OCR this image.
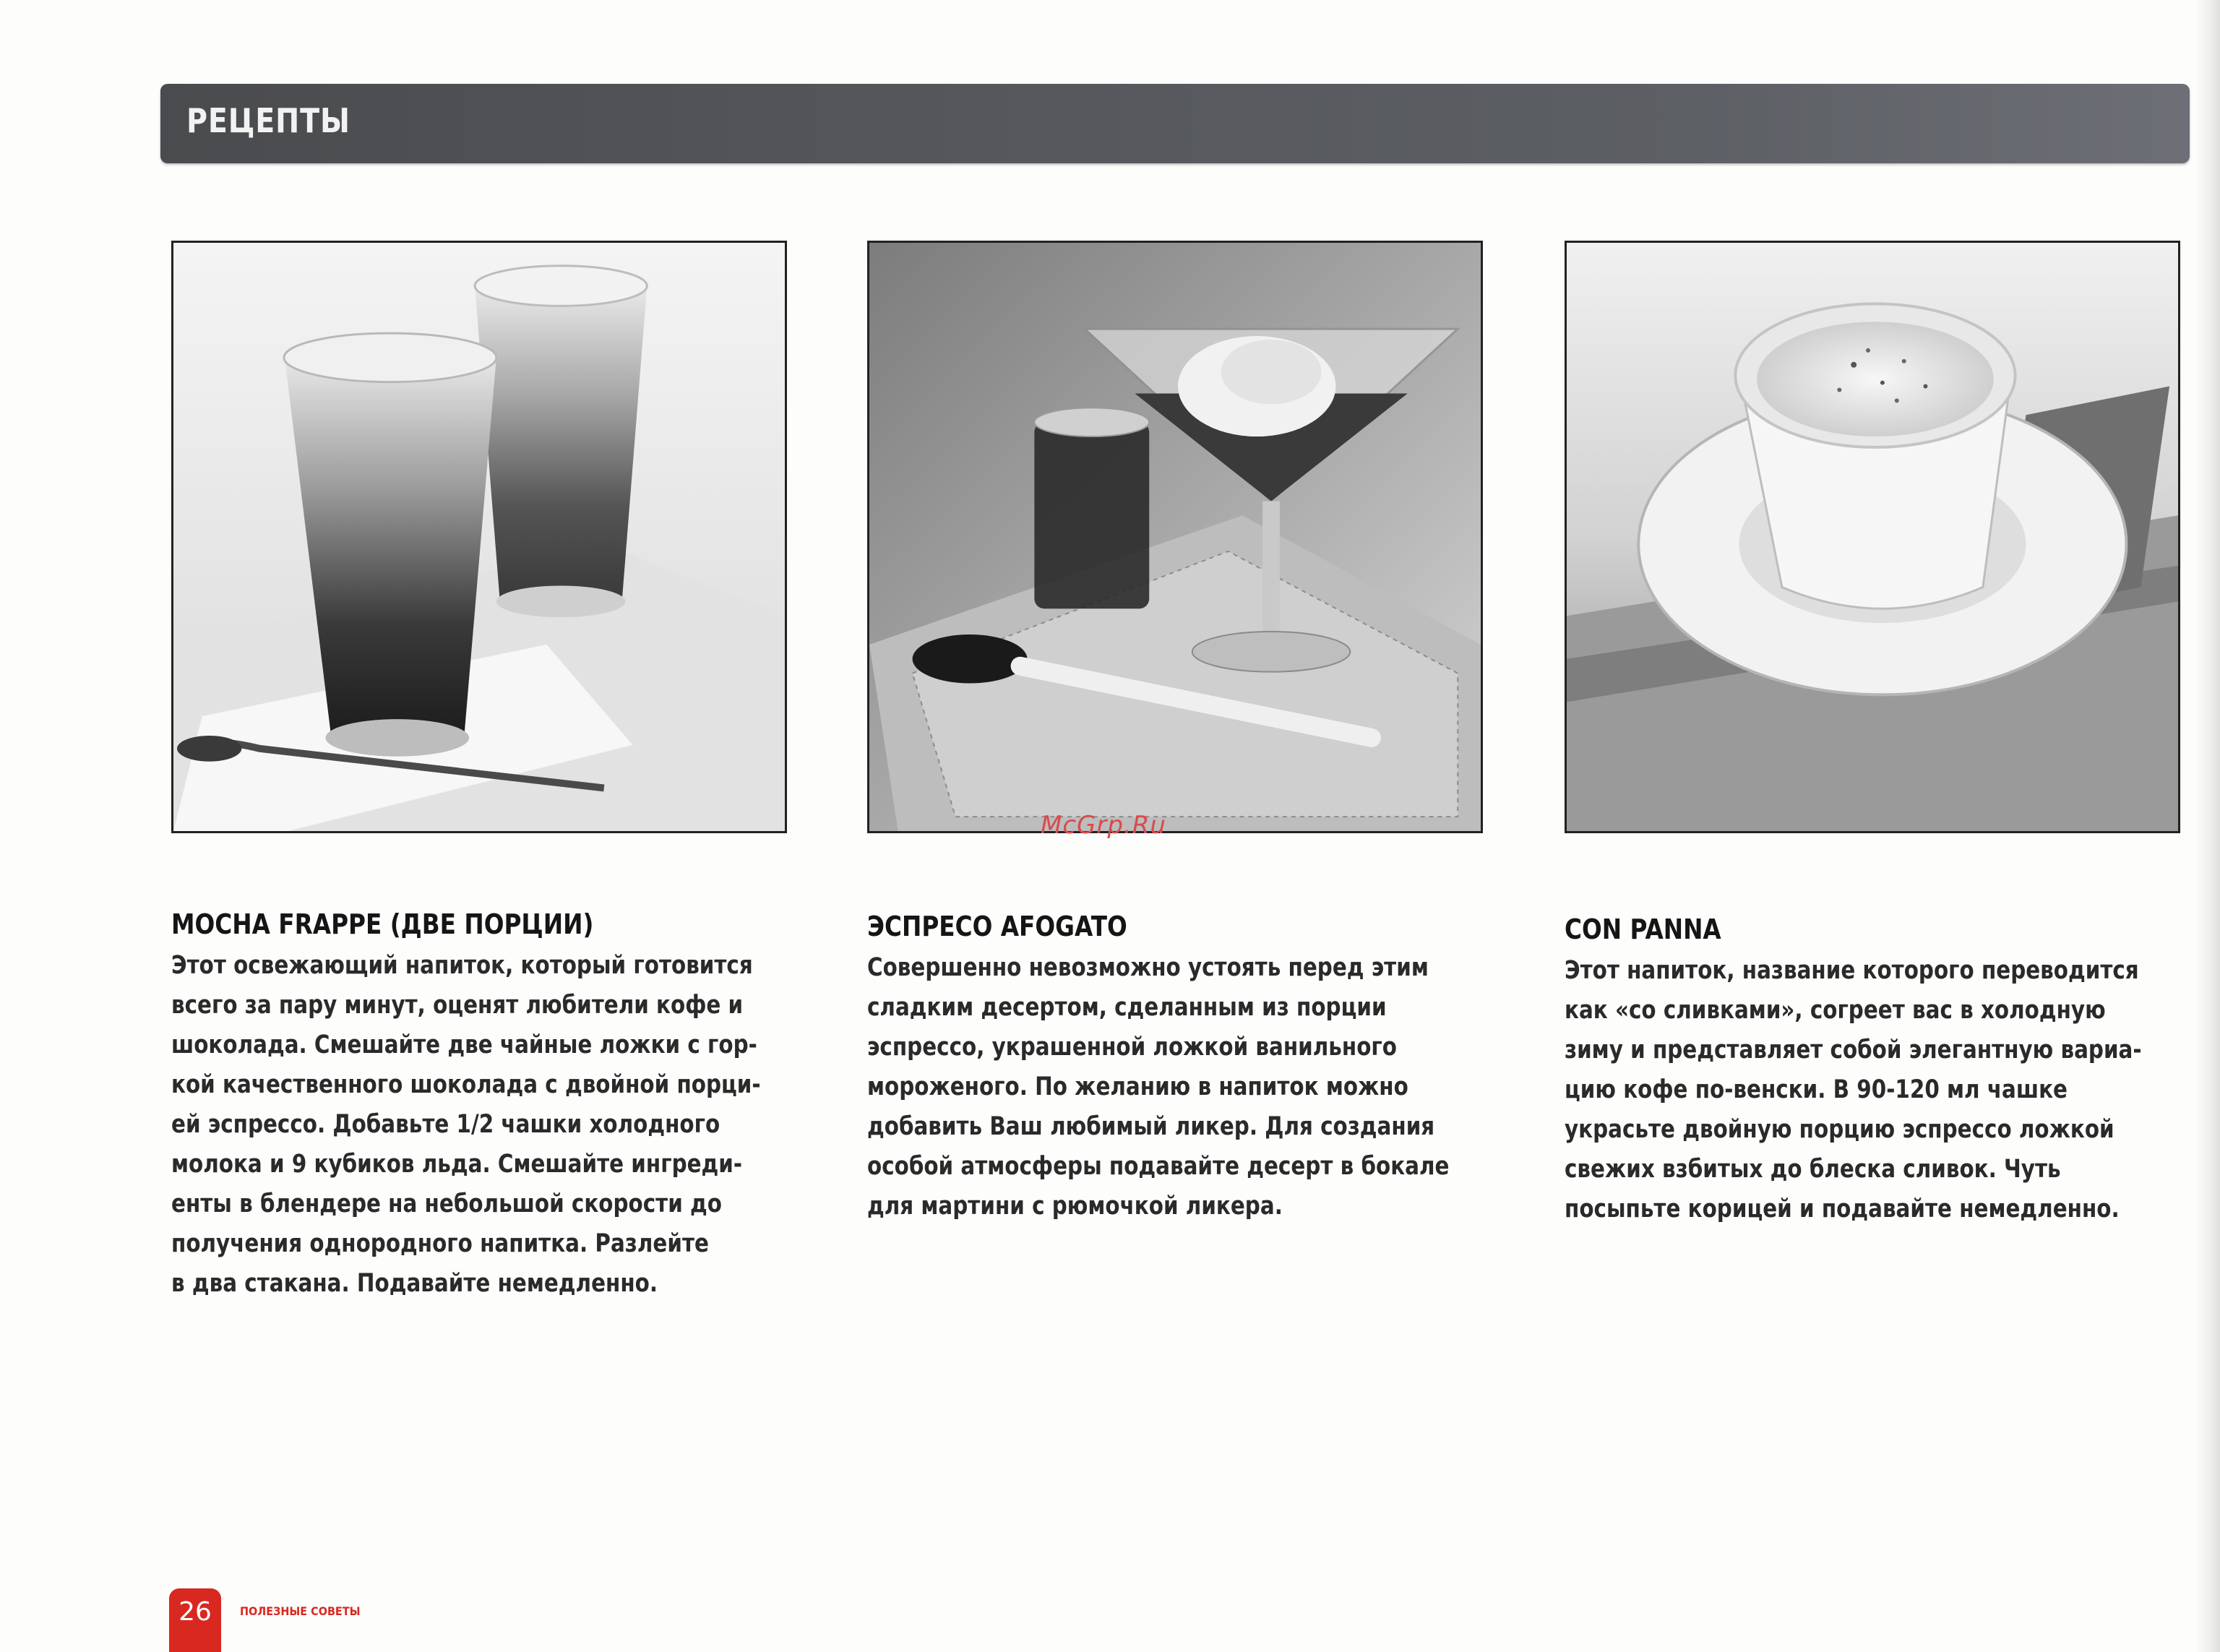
РЕЦЕПТЫ
McGrp.Ru
MOCHA FRAPPE (ДВЕ ПОРЦИИ)
Этот освежающий напиток, который готовится
всего за пару минут, оценят любители кофе и
шоколада. Смешайте две чайные ложки с гор-
кой качественного шоколада с двойной порци-
ей эспрессо. Добавьте 1/2 чашки холодного
молока и 9 кубиков льда. Смешайте ингреди-
енты в блендере на небольшой скорости до
получения однородного напитка. Разлейте
в два стакана. Подавайте немедленно.
ЭСПРЕСО AFOGATO
Совершенно невозможно устоять перед этим
сладким десертом, сделанным из порции
эспрессо, украшенной ложкой ванильного
мороженого. По желанию в напиток можно
добавить Ваш любимый ликер. Для создания
особой атмосферы подавайте десерт в бокале
для мартини с рюмочкой ликера.
CON PANNA
Этот напиток, название которого переводится
как «со сливками», согреет вас в холодную
зиму и представляет собой элегантную вариа-
цию кофе по-венски. В 90-120 мл чашке
украсьте двойную порцию эспрессо ложкой
свежих взбитых до блеска сливок. Чуть
посыпьте корицей и подавайте немедленно.
26	ПОЛЕЗНЫЕ СОВЕТЫ
